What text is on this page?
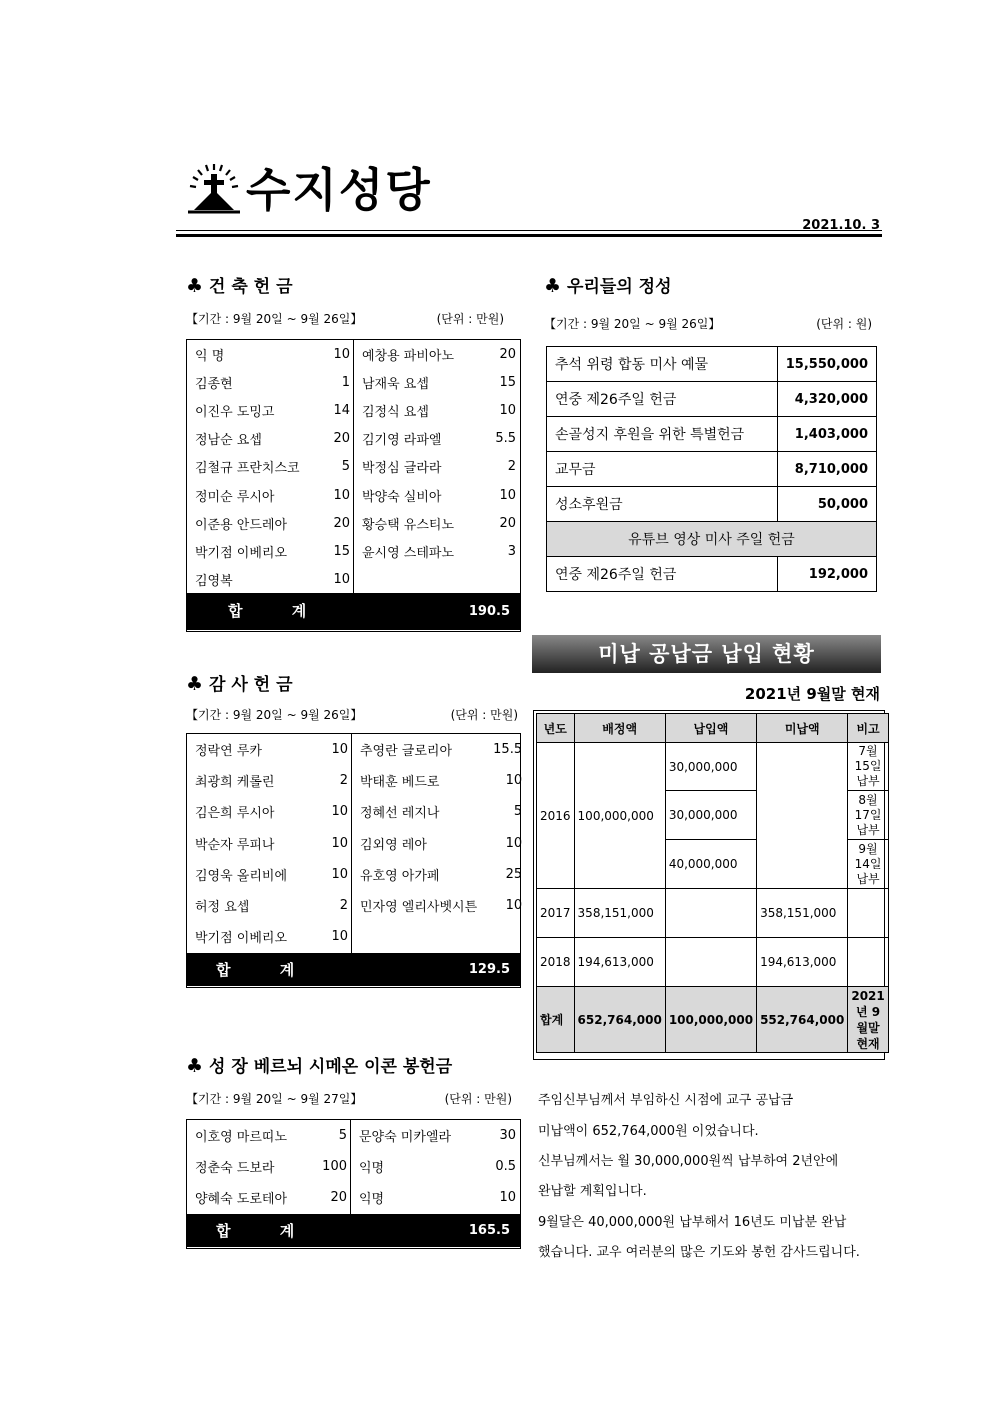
수지성당
2021.10. 3
♣ 건 축 헌 금
【기간 : 9월 20일 ~ 9월 26일】	(단위 : 만원)
익 명	10
김종현	1
이진우 도밍고	14
정남순 요셉	20
김철규 프란치스코	5
정미순 루시아	10
이준용 안드레아	20
박기점 이베리오	15
김영복	10
예창용 파비아노	20
남재욱 요셉	15
김정식 요셉	10
김기영 라파엘	5.5
박정심 글라라	2
박양숙 실비아	10
황승택 유스티노	20
윤시영 스테파노	3
합 계	190.5
♣ 감 사 헌 금
【기간 : 9월 20일 ~ 9월 26일】	(단위 : 만원)
정락연 루카	10
최광희 케롤린	2
김은희 루시아	10
박순자 루피나	10
김영욱 올리비에	10
허정 요셉	2
박기점 이베리오	10
추영란 글로리아	15.5
박태훈 베드로	10
정혜선 레지나	5
김외영 레아	10
유호영 아가페	25
민자영 엘리사벳시튼	10
합 계	129.5
♣ 성 장 베르뇌 시메온 이콘 봉헌금
【기간 : 9월 20일 ~ 9월 27일】	(단위 : 만원)
이호영 마르띠노	5
정춘숙 드보라	100
양혜숙 도로테아	20
문양숙 미카엘라	30
익명	0.5
익명	10
합 계	165.5
♣ 우리들의 정성
【기간 : 9월 20일 ~ 9월 26일】	(단위 : 원)
추석 위령 합동 미사 예물	15,550,000
연중 제26주일 헌금	4,320,000
손골성지 후원을 위한 특별헌금	1,403,000
교무금	8,710,000
성소후원금	50,000
유튜브 영상 미사 주일 헌금	
연중 제26주일 헌금	192,000
미납 공납금 납입 현황
2021년 9월말 현재
년도	배정액	납입액	미납액	비고
2016	100,000,000	30,000,000		7월15일 납부
		30,000,000		8월17일 납부
		40,000,000		9월14일 납부
2017	358,151,000		358,151,000	
2018	194,613,000		194,613,000	
합계	652,764,000	100,000,000	552,764,000	2021년 9월말 현재
주임신부님께서 부임하신 시점에 교구 공납금
미납액이 652,764,000원 이었습니다.
신부님께서는 월 30,000,000원씩 납부하여 2년안에
완납할 계획입니다.
9월달은 40,000,000원 납부해서 16년도 미납분 완납
했습니다. 교우 여러분의 많은 기도와 봉헌 감사드립니다.
